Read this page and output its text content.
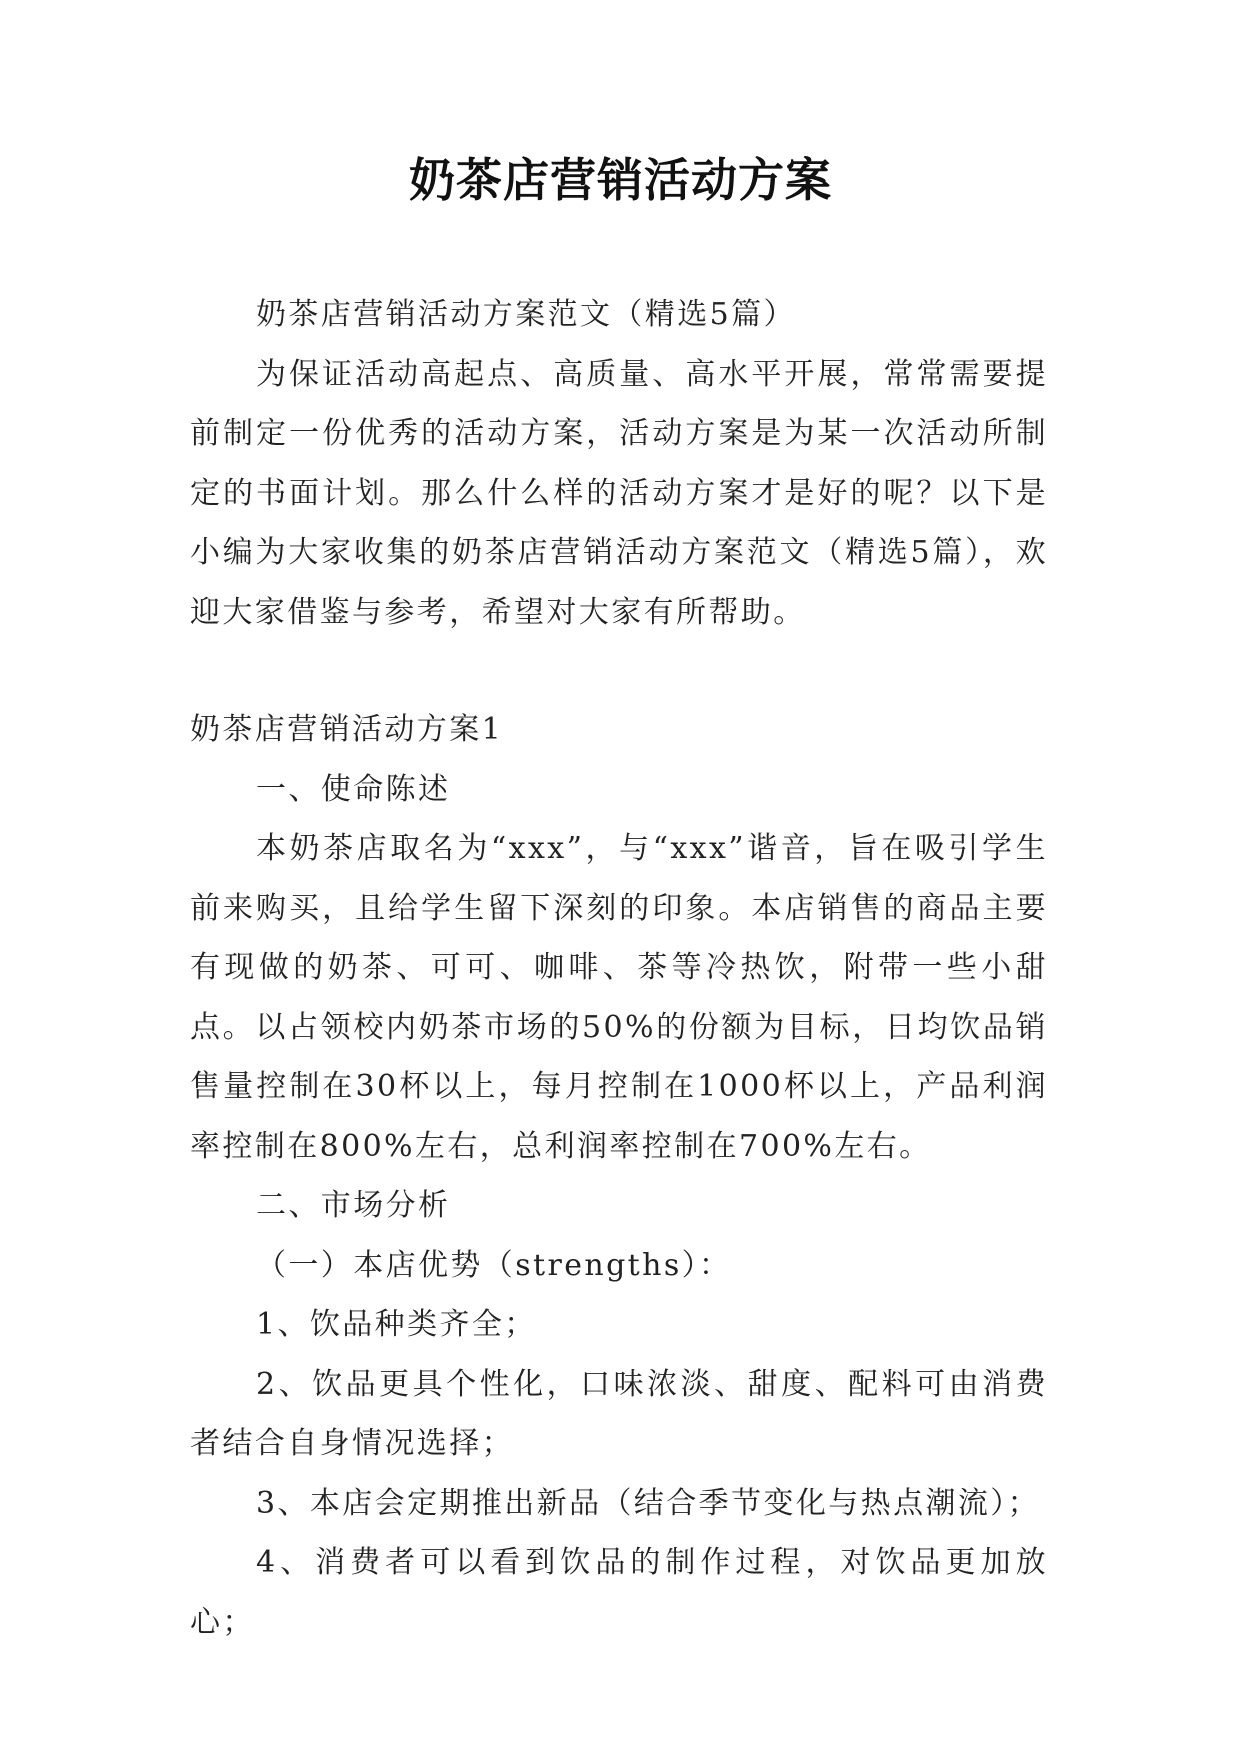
奶茶店营销活动方案

奶茶店营销活动方案范文（精选5篇）

为保证活动高起点、高质量、高水平开展，常常需要提前制定一份优秀的活动方案，活动方案是为某一次活动所制定的书面计划。那么什么样的活动方案才是好的呢？以下是小编为大家收集的奶茶店营销活动方案范文（精选5篇），欢迎大家借鉴与参考，希望对大家有所帮助。

奶茶店营销活动方案1

一、使命陈述

本奶茶店取名为“xxx”，与“xxx”谐音，旨在吸引学生前来购买，且给学生留下深刻的印象。本店销售的商品主要有现做的奶茶、可可、咖啡、茶等冷热饮，附带一些小甜点。以占领校内奶茶市场的50%的份额为目标，日均饮品销售量控制在30杯以上，每月控制在1000杯以上，产品利润率控制在800%左右，总利润率控制在700%左右。

二、市场分析

（一）本店优势（strengths）：

1、饮品种类齐全；

2、饮品更具个性化，口味浓淡、甜度、配料可由消费者结合自身情况选择；

3、本店会定期推出新品（结合季节变化与热点潮流）；

4、消费者可以看到饮品的制作过程，对饮品更加放心；
